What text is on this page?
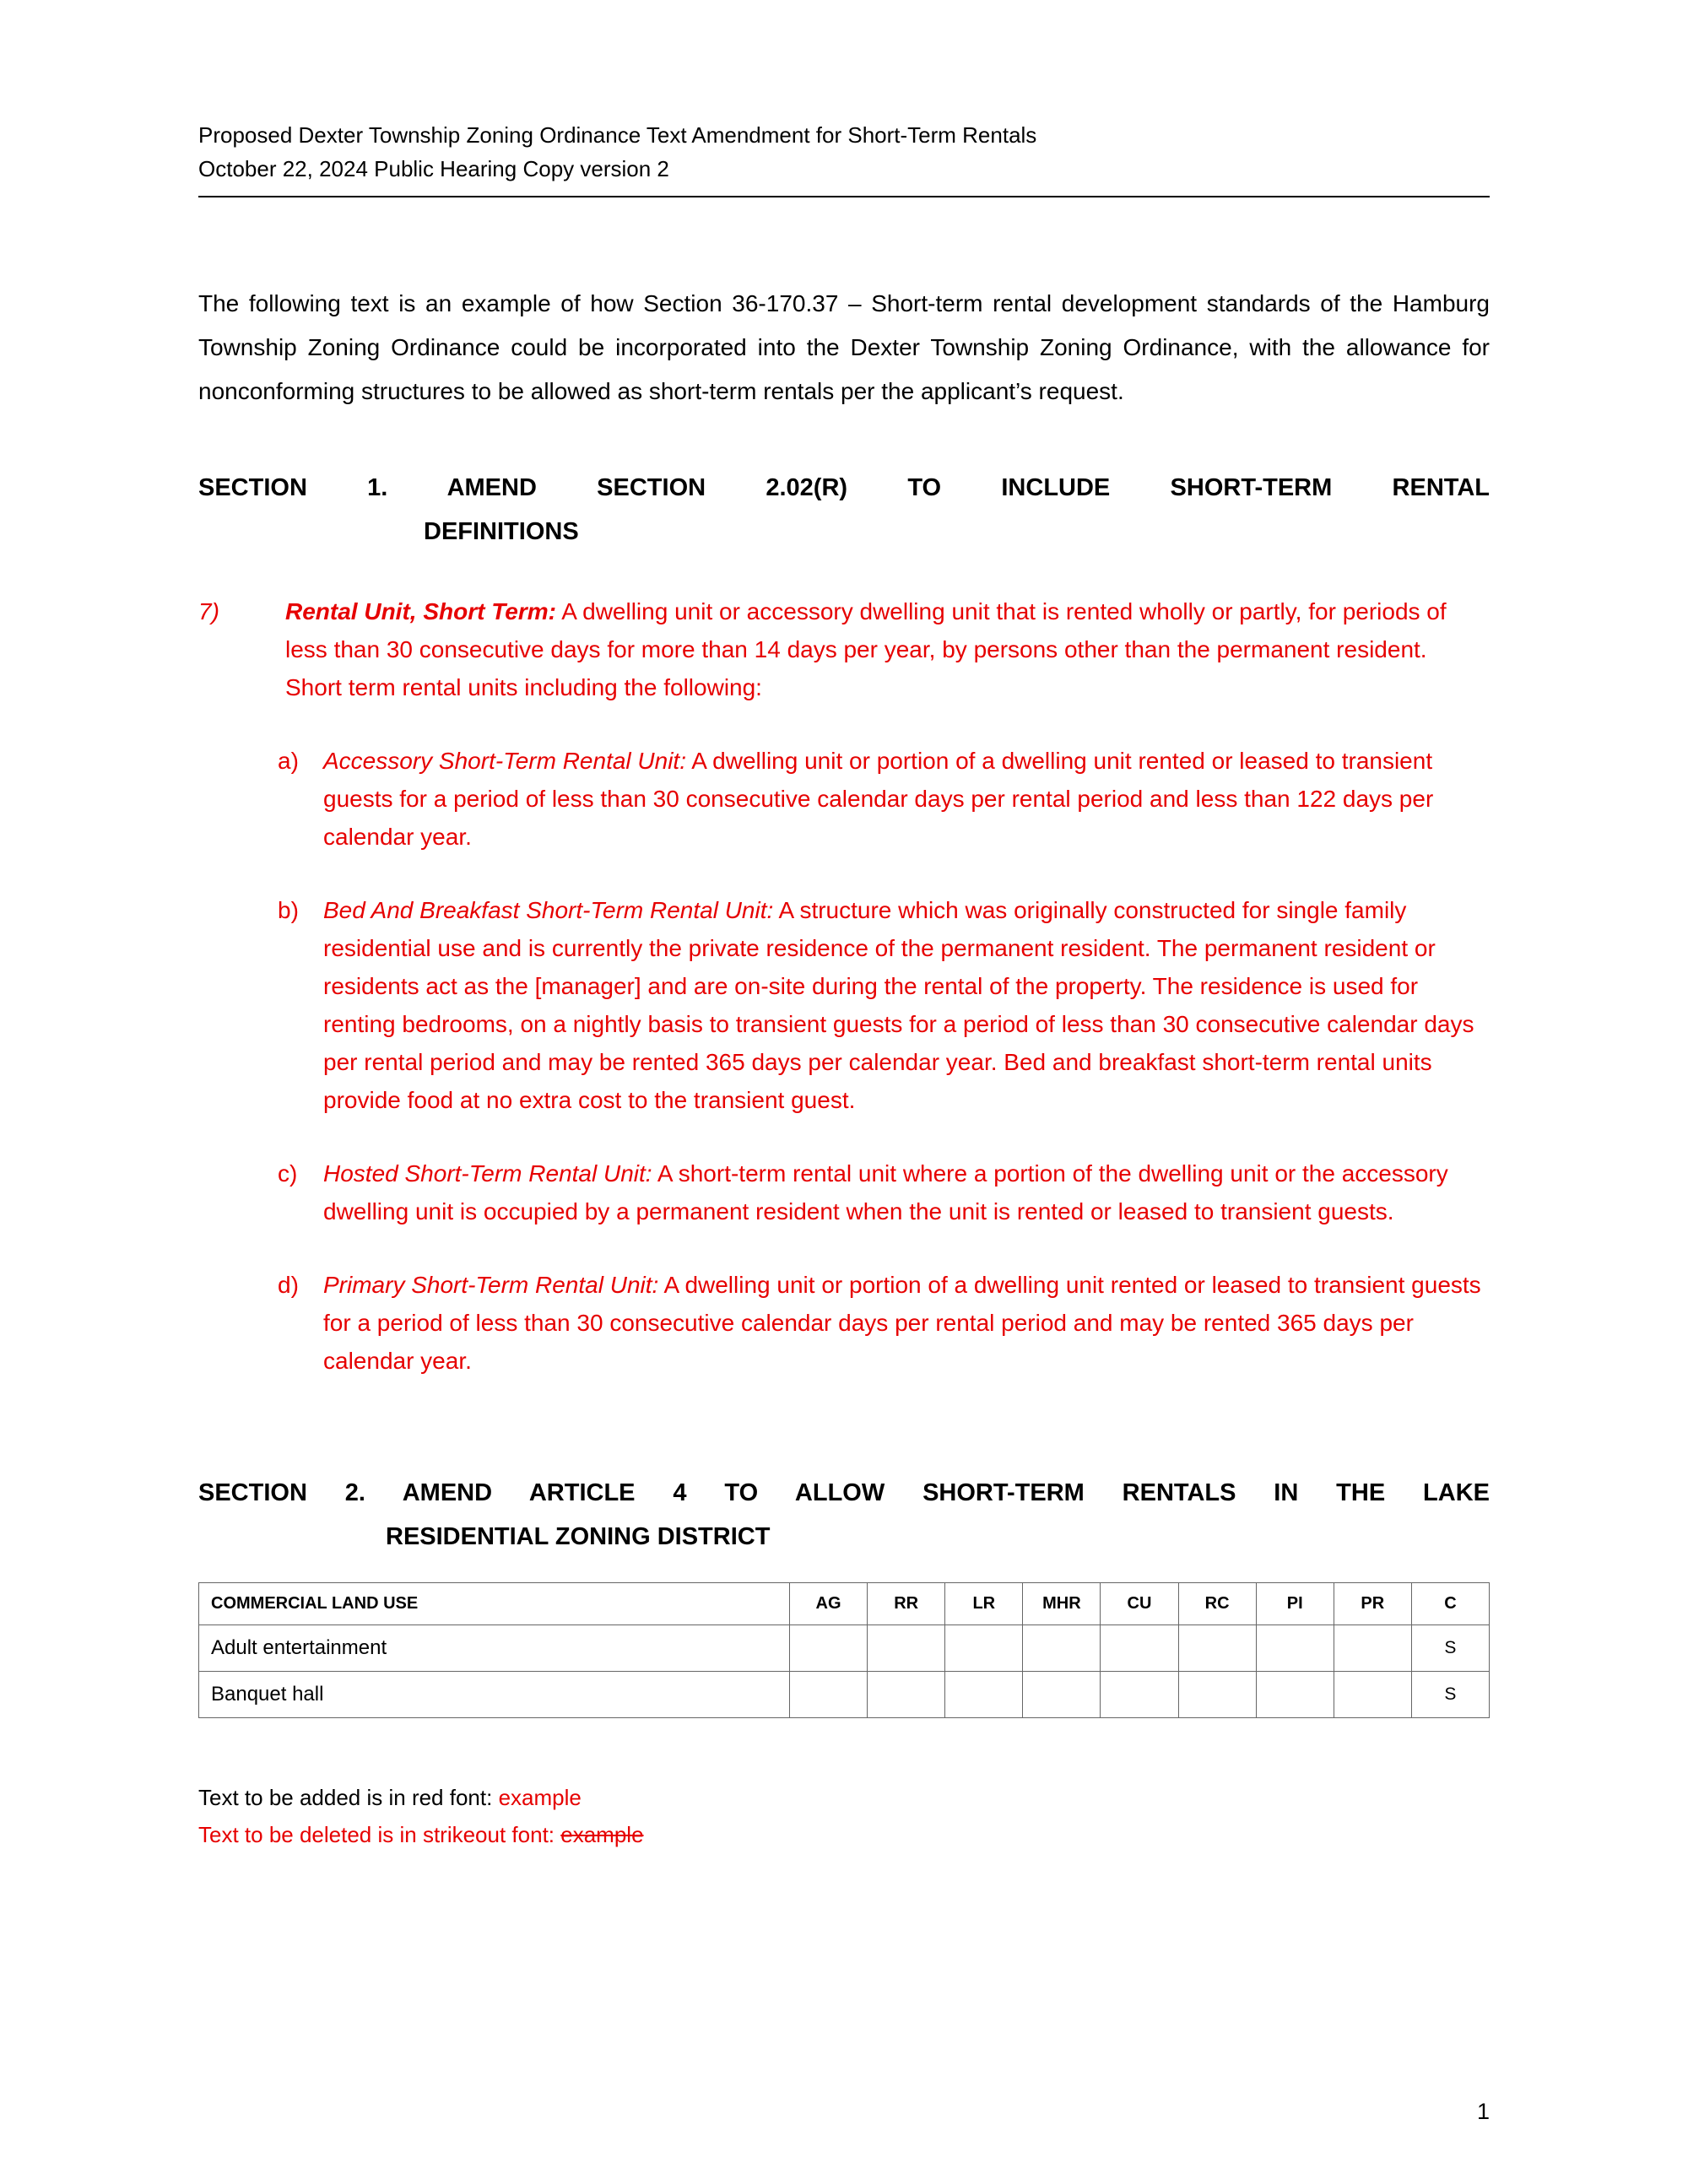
Proposed Dexter Township Zoning Ordinance Text Amendment for Short-Term Rentals
October 22, 2024 Public Hearing Copy version 2

The following text is an example of how Section 36-170.37 – Short-term rental development standards of the Hamburg Township Zoning Ordinance could be incorporated into the Dexter Township Zoning Ordinance, with the allowance for nonconforming structures to be allowed as short-term rentals per the applicant’s request.

SECTION 1. AMEND SECTION 2.02(R) TO INCLUDE SHORT-TERM RENTAL
DEFINITIONS
7)	Rental Unit, Short Term: A dwelling unit or accessory dwelling unit that is rented wholly or partly, for periods of less than 30 consecutive days for more than 14 days per year, by persons other than the permanent resident. Short term rental units including the following:
a) Accessory Short-Term Rental Unit: A dwelling unit or portion of a dwelling unit rented or leased to transient guests for a period of less than 30 consecutive calendar days per rental period and less than 122 days per calendar year.
b) Bed And Breakfast Short-Term Rental Unit: A structure which was originally constructed for single family residential use and is currently the private residence of the permanent resident. The permanent resident or residents act as the [manager] and are on-site during the rental of the property. The residence is used for renting bedrooms, on a nightly basis to transient guests for a period of less than 30 consecutive calendar days per rental period and may be rented 365 days per calendar year. Bed and breakfast short-term rental units provide food at no extra cost to the transient guest.
c) Hosted Short-Term Rental Unit: A short-term rental unit where a portion of the dwelling unit or the accessory dwelling unit is occupied by a permanent resident when the unit is rented or leased to transient guests.
d) Primary Short-Term Rental Unit: A dwelling unit or portion of a dwelling unit rented or leased to transient guests for a period of less than 30 consecutive calendar days per rental period and may be rented 365 days per calendar year.
SECTION 2. AMEND ARTICLE 4 TO ALLOW SHORT-TERM RENTALS IN THE LAKE
RESIDENTIAL ZONING DISTRICT
COMMERCIAL LAND USE	AG	RR	LR	MHR	CU	RC	PI	PR	C
Adult entertainment									S
Banquet hall									S
Text to be added is in red font: example
Text to be deleted is in strikeout font: example
1
